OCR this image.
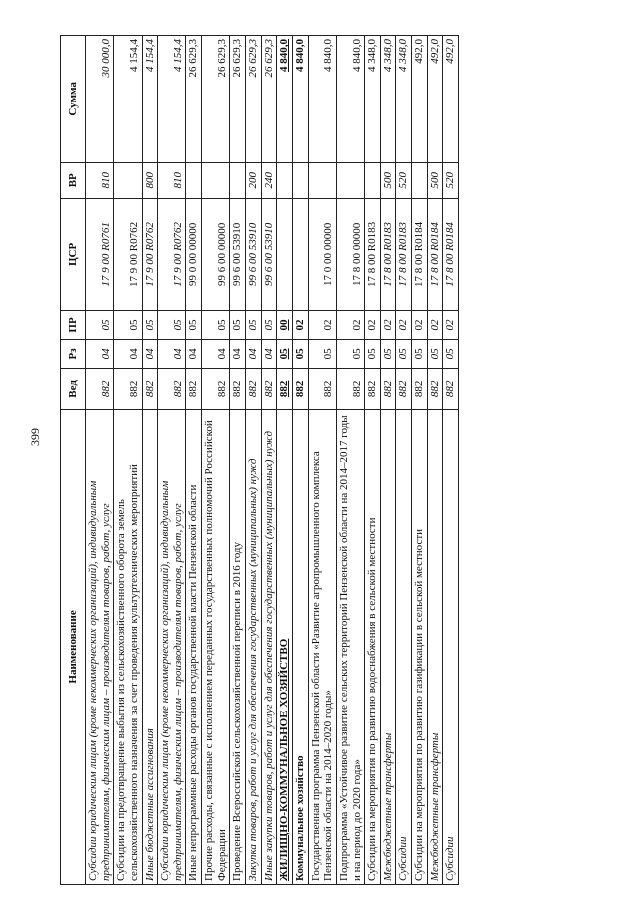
399
Наименование	Вед	Рз	ПР	ЦСР	ВР	Сумма
Субсидии юридическим лицам (кроме некоммерческих организаций), индивидуальным предпринимателям, физическим лицам – производителям товаров, работ, услуг	882	04	05	17 9 00 R0761	810	30 000,0
Субсидии на предотвращение выбытия из сельскохозяйственного оборота земель сельскохозяйственного назначения за счет проведения культуртехнических мероприятий	882	04	05	17 9 00 R0762		4 154,4
Иные бюджетные ассигнования	882	04	05	17 9 00 R0762	800	4 154,4
Субсидии юридическим лицам (кроме некоммерческих организаций), индивидуальным предпринимателям, физическим лицам – производителям товаров, работ, услуг	882	04	05	17 9 00 R0762	810	4 154,4
Иные непрограммные расходы органов государственной власти Пензенской области	882	04	05	99 0 00 00000		26 629,3
Прочие расходы, связанные с исполнением переданных государственных полномочий Российской Федерации	882	04	05	99 6 00 00000		26 629,3
Проведение Всероссийской сельскохозяйственной переписи в 2016 году	882	04	05	99 6 00 53910		26 629,3
Закупка товаров, работ и услуг для обеспечения государственных (муниципальных) нужд	882	04	05	99 6 00 53910	200	26 629,3
Иные закупки товаров, работ и услуг для обеспечения государственных (муниципальных) нужд	882	04	05	99 6 00 53910	240	26 629,3
ЖИЛИЩНО-КОММУНАЛЬНОЕ ХОЗЯЙСТВО	882	05	00			4 840,0
Коммунальное хозяйство	882	05	02			4 840,0
Государственная программа Пензенской области «Развитие агропромышленного комплекса Пензенской области на 2014–2020 годы»	882	05	02	17 0 00 00000		4 840,0
Подпрограмма «Устойчивое развитие сельских территорий Пензенской области на 2014–2017 годы и на период до 2020 года»	882	05	02	17 8 00 00000		4 840,0
Субсидии на мероприятия по развитию водоснабжения в сельской местности	882	05	02	17 8 00 R0183		4 348,0
Межбюджетные трансферты	882	05	02	17 8 00 R0183	500	4 348,0
Субсидии	882	05	02	17 8 00 R0183	520	4 348,0
Субсидии на мероприятия по развитию газификации в сельской местности	882	05	02	17 8 00 R0184		492,0
Межбюджетные трансферты	882	05	02	17 8 00 R0184	500	492,0
Субсидии	882	05	02	17 8 00 R0184	520	492,0
